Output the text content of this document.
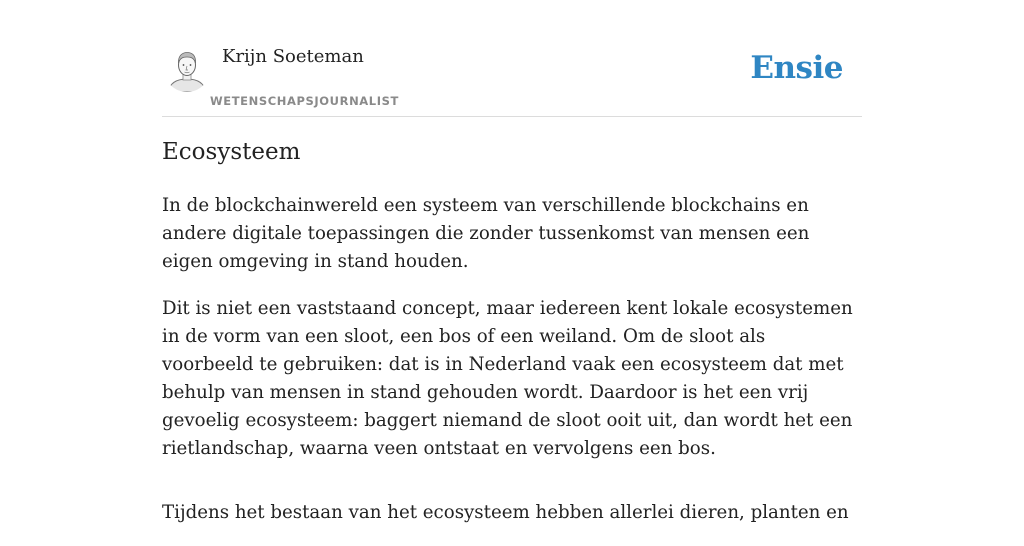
Krijn Soeteman
WETENSCHAPSJOURNALIST
Ensie
Ecosysteem

In de blockchainwereld een systeem van verschillende blockchains en andere digitale toepassingen die zonder tussenkomst van mensen een eigen omgeving in stand houden.

Dit is niet een vaststaand concept, maar iedereen kent lokale ecosystemen in de vorm van een sloot, een bos of een weiland. Om de sloot als voorbeeld te gebruiken: dat is in Nederland vaak een ecosysteem dat met behulp van mensen in stand gehouden wordt. Daardoor is het een vrij gevoelig ecosysteem: baggert niemand de sloot ooit uit, dan wordt het een rietlandschap, waarna veen ontstaat en vervolgens een bos.

Tijdens het bestaan van het ecosysteem hebben allerlei dieren, planten en
